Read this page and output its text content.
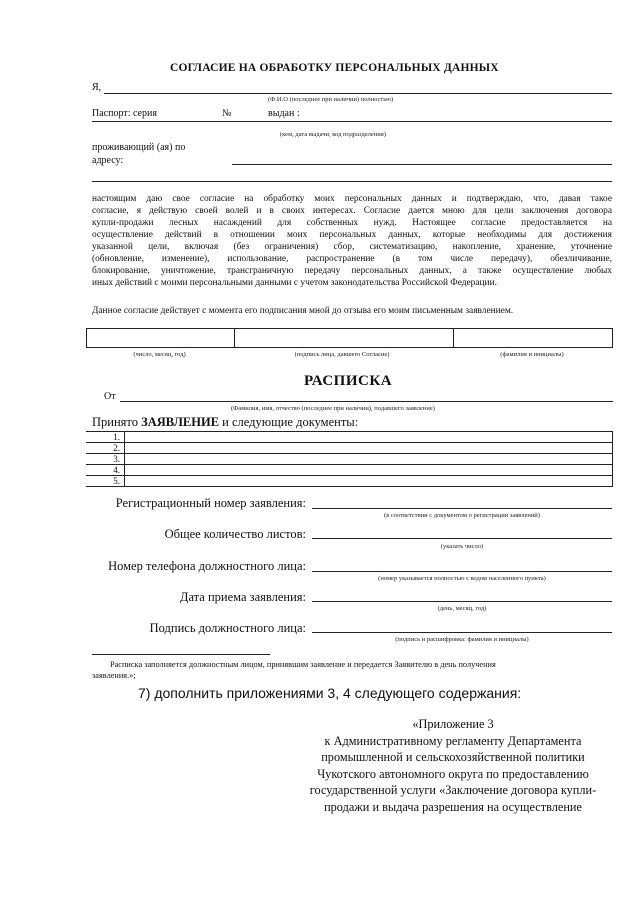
СОГЛАСИЕ НА ОБРАБОТКУ ПЕРСОНАЛЬНЫХ ДАННЫХ
Я,
(Ф.И.О (последнее при наличии) полностью)
Паспорт: серия	№	выдан :
(кем, дата выдачи, код подразделения)
проживающий (ая) по
адресу:
настоящим даю свое согласие на обработку моих персональных данных и подтверждаю, что, давая такое
согласие, я действую своей волей и в своих интересах. Согласие дается мною для цели заключения договора
купли-продажи лесных насаждений для собственных нужд. Настоящее согласие предоставляется на
осуществление действий в отношении моих персональных данных, которые необходимы для достижения
указанной цели, включая (без ограничения) сбор, систематизацию, накопление, хранение, уточнение
(обновление, изменение), использование, распространение (в том числе передачу), обезличивание,
блокирование, уничтожение, трансграничную передачу персональных данных, а также осуществление любых
иных действий с моими персональными данными с учетом законодательства Российской Федерации.
Данное согласие действует с момента его подписания мной до отзыва его моим письменным заявлением.
(число, месяц, год)	(подпись лица, давшего Согласие)	(фамилия и инициалы)
РАСПИСКА
От
(Фамилия, имя, отчество (последнее при наличии), подавшего заявление)
Принято ЗАЯВЛЕНИЕ и следующие документы:
1.	
2.	
3.	
4.	
5.	
Регистрационный номер заявления:
(в соответствии с документом о регистрации заявлений)
Общее количество листов:
(указать число)
Номер телефона должностного лица:
(номер указывается полностью с кодом населенного пункта)
Дата приема заявления:
(день, месяц, год)
Подпись должностного лица:
(подпись и расшифровка: фамилия и инициалы)
Расписка заполняется должностным лицом, принявшим заявление и передается Заявителю в день получения
заявления.»;
7) дополнить приложениями 3, 4 следующего содержания:
«Приложение 3
к Административному регламенту Департамента
промышленной и сельскохозяйственной политики
Чукотского автономного округа по предоставлению
государственной услуги «Заключение договора купли-
продажи и выдача разрешения на осуществление
